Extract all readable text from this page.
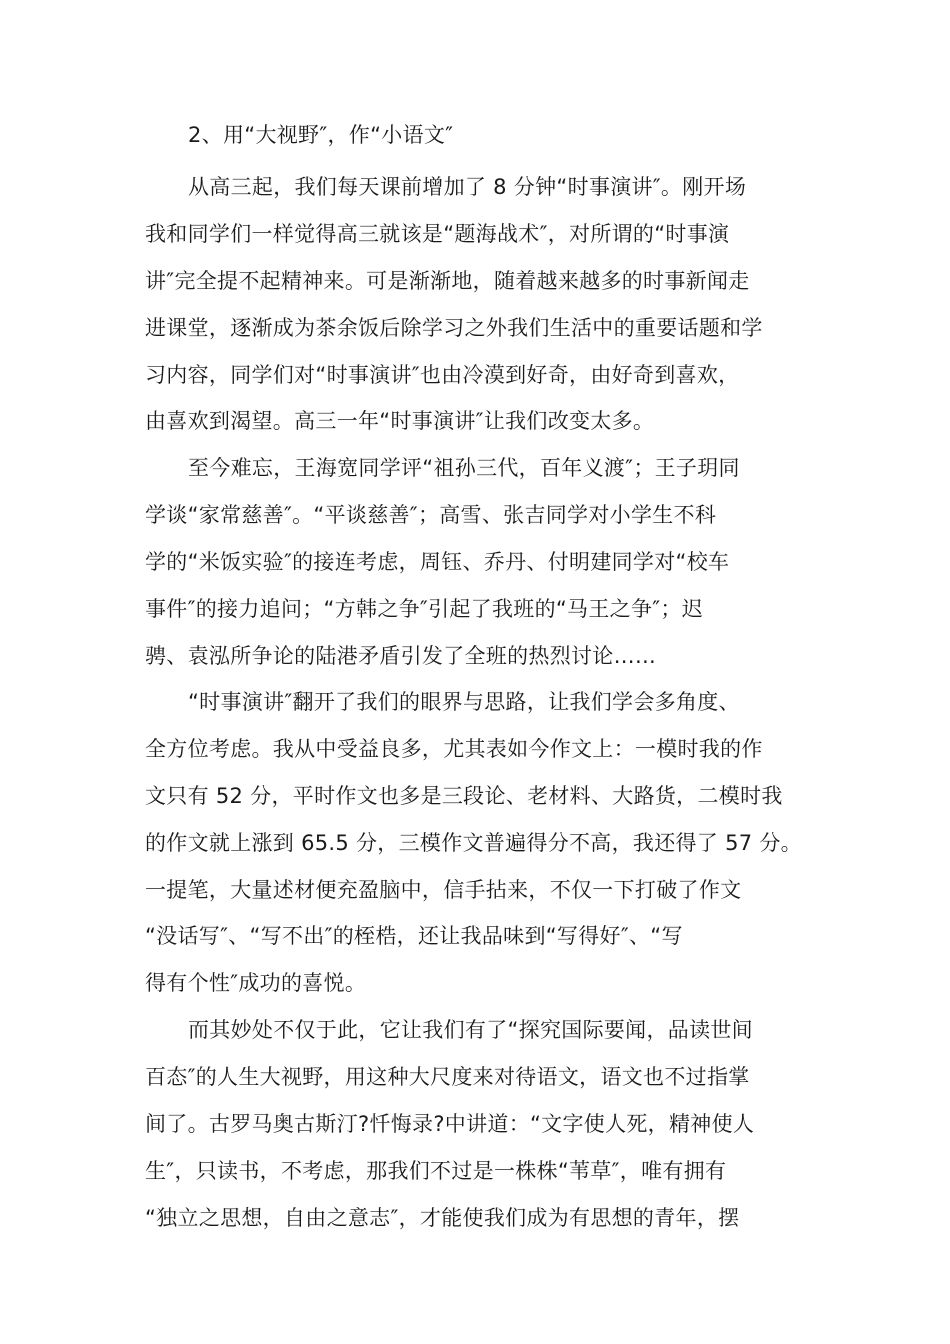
2、用“大视野″，作“小语文″
从高三起，我们每天课前增加了 8 分钟“时事演讲″。刚开场
我和同学们一样觉得高三就该是“题海战术″，对所谓的“时事演
讲″完全提不起精神来。可是渐渐地，随着越来越多的时事新闻走
进课堂，逐渐成为茶余饭后除学习之外我们生活中的重要话题和学
习内容，同学们对“时事演讲″也由冷漠到好奇，由好奇到喜欢，
由喜欢到渴望。高三一年“时事演讲″让我们改变太多。
至今难忘，王海宽同学评“祖孙三代，百年义渡″；王子玥同
学谈“家常慈善″。“平谈慈善″；高雪、张吉同学对小学生不科
学的“米饭实验″的接连考虑，周钰、乔丹、付明建同学对“校车
事件″的接力追问；“方韩之争″引起了我班的“马王之争″；迟
骋、袁泓所争论的陆港矛盾引发了全班的热烈讨论……
“时事演讲″翻开了我们的眼界与思路，让我们学会多角度、
全方位考虑。我从中受益良多，尤其表如今作文上：一模时我的作
文只有 52 分，平时作文也多是三段论、老材料、大路货，二模时我
的作文就上涨到 65.5 分，三模作文普遍得分不高，我还得了 57 分。
一提笔，大量述材便充盈脑中，信手拈来，不仅一下打破了作文
“没话写″、“写不出″的桎梏，还让我品味到“写得好″、“写
得有个性″成功的喜悦。
而其妙处不仅于此，它让我们有了“探究国际要闻，品读世间
百态″的人生大视野，用这种大尺度来对待语文，语文也不过指掌
间了。古罗马奥古斯汀?忏悔录?中讲道：“文字使人死，精神使人
生″，只读书，不考虑，那我们不过是一株株“苇草″，唯有拥有
“独立之思想，自由之意志″，才能使我们成为有思想的青年，摆
